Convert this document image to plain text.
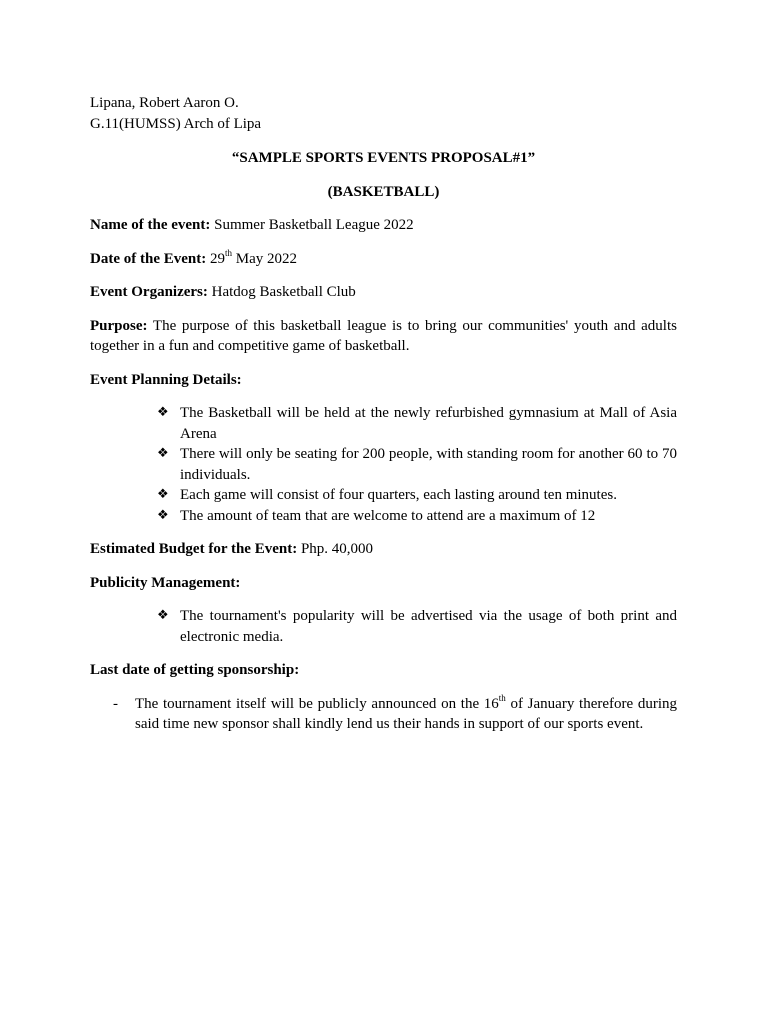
Lipana, Robert Aaron O.

G.11(HUMSS) Arch of Lipa

“SAMPLE SPORTS EVENTS PROPOSAL#1”

(BASKETBALL)

Name of the event: Summer Basketball League 2022

Date of the Event: 29th May 2022

Event Organizers: Hatdog Basketball Club

Purpose: The purpose of this basketball league is to bring our communities' youth and adults together in a fun and competitive game of basketball.

Event Planning Details:

❖ The Basketball will be held at the newly refurbished gymnasium at Mall of Asia Arena
❖ There will only be seating for 200 people, with standing room for another 60 to 70 individuals.
❖ Each game will consist of four quarters, each lasting around ten minutes.
❖ The amount of team that are welcome to attend are a maximum of 12

Estimated Budget for the Event: Php. 40,000

Publicity Management:

❖ The tournament's popularity will be advertised via the usage of both print and electronic media.

Last date of getting sponsorship:

- The tournament itself will be publicly announced on the 16th of January therefore during said time new sponsor shall kindly lend us their hands in support of our sports event.
